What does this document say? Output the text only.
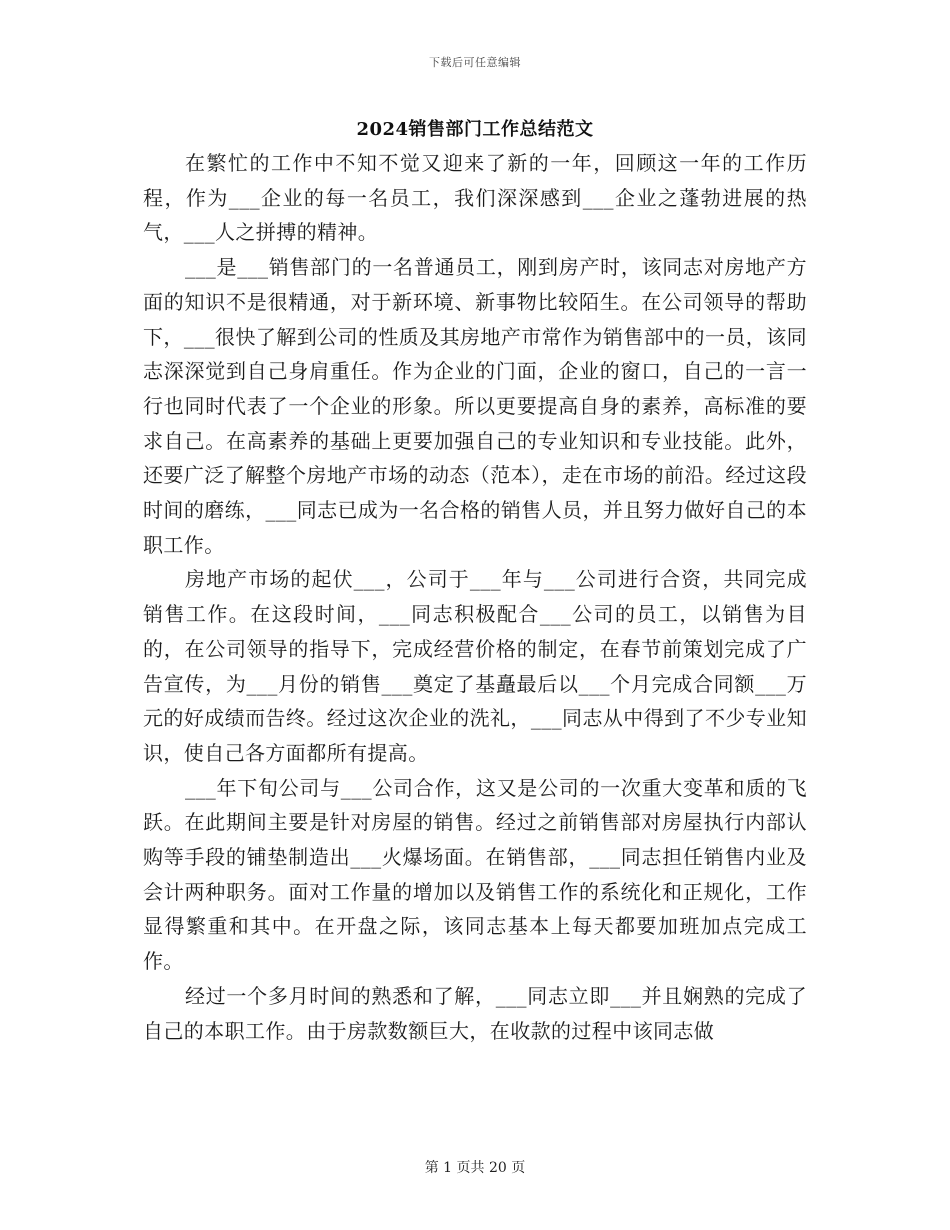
下载后可任意编辑
2024销售部门工作总结范文

在繁忙的工作中不知不觉又迎来了新的一年，回顾这一年的工作历程，作为___企业的每一名员工，我们深深感到___企业之蓬勃进展的热气，___人之拼搏的精神。

___是___销售部门的一名普通员工，刚到房产时，该同志对房地产方面的知识不是很精通，对于新环境、新事物比较陌生。在公司领导的帮助下，___很快了解到公司的性质及其房地产市常作为销售部中的一员，该同志深深觉到自己身肩重任。作为企业的门面，企业的窗口，自己的一言一行也同时代表了一个企业的形象。所以更要提高自身的素养，高标准的要求自己。在高素养的基础上更要加强自己的专业知识和专业技能。此外，还要广泛了解整个房地产市场的动态（范本），走在市场的前沿。经过这段时间的磨练，___同志已成为一名合格的销售人员，并且努力做好自己的本职工作。

房地产市场的起伏___，公司于___年与___公司进行合资，共同完成销售工作。在这段时间，___同志积极配合___公司的员工，以销售为目的，在公司领导的指导下，完成经营价格的制定，在春节前策划完成了广告宣传，为___月份的销售___奠定了基矗最后以___个月完成合同额___万元的好成绩而告终。经过这次企业的洗礼，___同志从中得到了不少专业知识，使自己各方面都所有提高。

___年下旬公司与___公司合作，这又是公司的一次重大变革和质的飞跃。在此期间主要是针对房屋的销售。经过之前销售部对房屋执行内部认购等手段的铺垫制造出___火爆场面。在销售部，___同志担任销售内业及会计两种职务。面对工作量的增加以及销售工作的系统化和正规化，工作显得繁重和其中。在开盘之际，该同志基本上每天都要加班加点完成工作。

经过一个多月时间的熟悉和了解，___同志立即___并且娴熟的完成了自己的本职工作。由于房款数额巨大，在收款的过程中该同志做

第 1 页共 20 页
